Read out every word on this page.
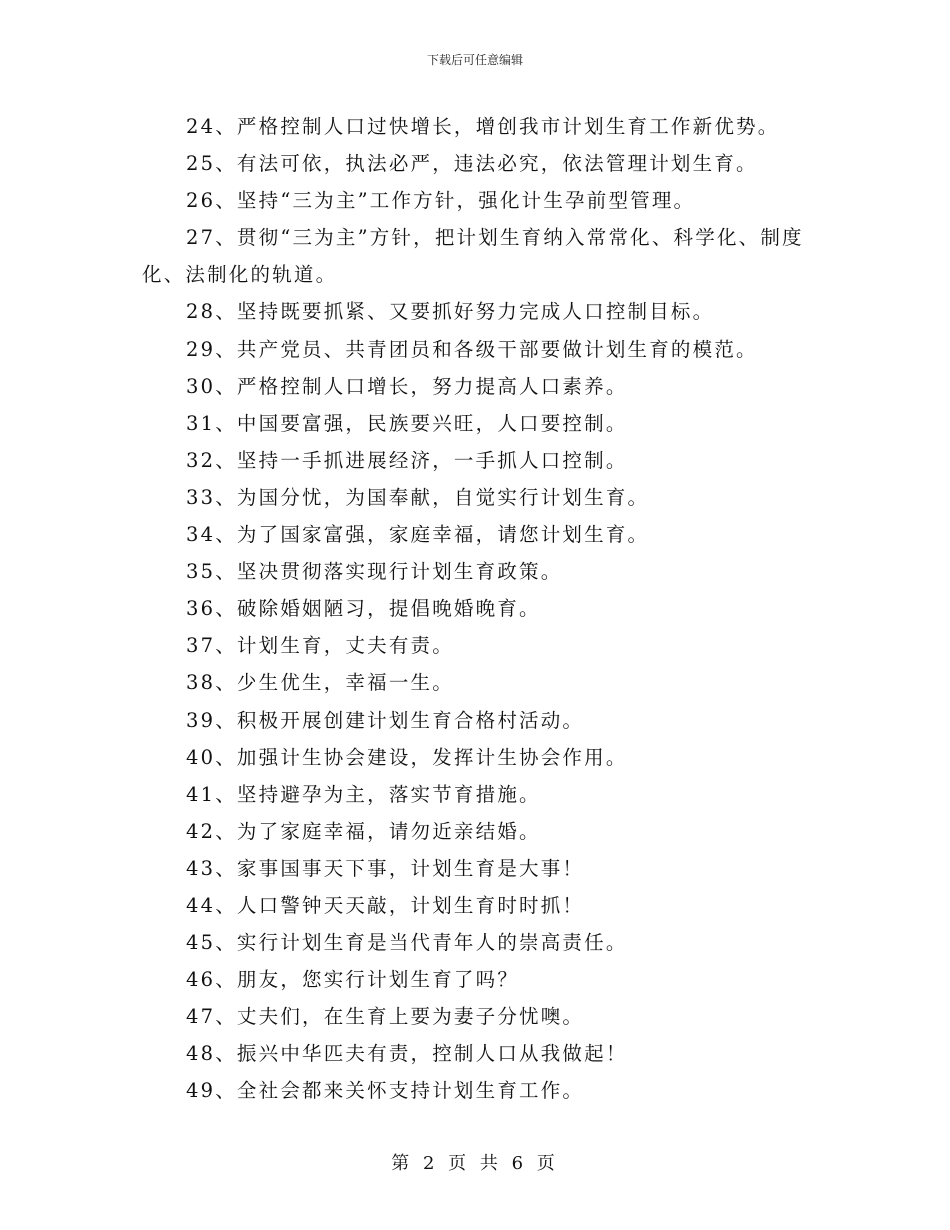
下载后可任意编辑

24、严格控制人口过快增长，增创我市计划生育工作新优势。

25、有法可依，执法必严，违法必究，依法管理计划生育。

26、坚持“三为主”工作方针，强化计生孕前型管理。

27、贯彻“三为主”方针，把计划生育纳入常常化、科学化、制度化、法制化的轨道。

28、坚持既要抓紧、又要抓好努力完成人口控制目标。

29、共产党员、共青团员和各级干部要做计划生育的模范。

30、严格控制人口增长，努力提高人口素养。

31、中国要富强，民族要兴旺，人口要控制。

32、坚持一手抓进展经济，一手抓人口控制。

33、为国分忧，为国奉献，自觉实行计划生育。

34、为了国家富强，家庭幸福，请您计划生育。

35、坚决贯彻落实现行计划生育政策。

36、破除婚姻陋习，提倡晚婚晚育。

37、计划生育，丈夫有责。

38、少生优生，幸福一生。

39、积极开展创建计划生育合格村活动。

40、加强计生协会建设，发挥计生协会作用。

41、坚持避孕为主，落实节育措施。

42、为了家庭幸福，请勿近亲结婚。

43、家事国事天下事，计划生育是大事！

44、人口警钟天天敲，计划生育时时抓！

45、实行计划生育是当代青年人的崇高责任。

46、朋友，您实行计划生育了吗？

47、丈夫们，在生育上要为妻子分忧噢。

48、振兴中华匹夫有责，控制人口从我做起！

49、全社会都来关怀支持计划生育工作。

第 2 页 共 6 页
